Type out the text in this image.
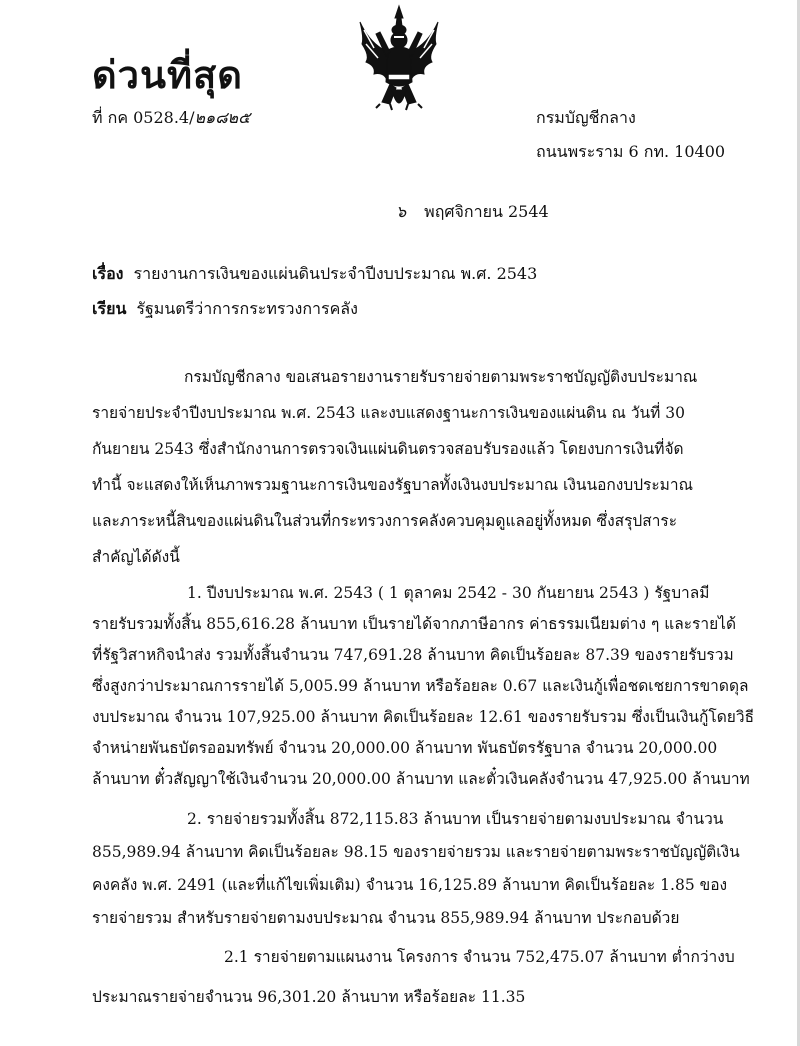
ด่วนที่สุด
ที่ กค 0528.4/๒๑๘๒๕	กรมบัญชีกลาง
ถนนพระราม 6 กท. 10400
๖ พฤศจิกายน 2544
เรื่อง รายงานการเงินของแผ่นดินประจำปีงบประมาณ พ.ศ. 2543
เรียน รัฐมนตรีว่าการกระทรวงการคลัง
กรมบัญชีกลาง ขอเสนอรายงานรายรับรายจ่ายตามพระราชบัญญัติงบประมาณ
รายจ่ายประจำปีงบประมาณ พ.ศ. 2543 และงบแสดงฐานะการเงินของแผ่นดิน ณ วันที่ 30
กันยายน 2543 ซึ่งสำนักงานการตรวจเงินแผ่นดินตรวจสอบรับรองแล้ว โดยงบการเงินที่จัด
ทำนี้ จะแสดงให้เห็นภาพรวมฐานะการเงินของรัฐบาลทั้งเงินงบประมาณ เงินนอกงบประมาณ
และภาระหนี้สินของแผ่นดินในส่วนที่กระทรวงการคลังควบคุมดูแลอยู่ทั้งหมด ซึ่งสรุปสาระ
สำคัญได้ดังนี้
1. ปีงบประมาณ พ.ศ. 2543 ( 1 ตุลาคม 2542 - 30 กันยายน 2543 ) รัฐบาลมี
รายรับรวมทั้งสิ้น 855,616.28 ล้านบาท เป็นรายได้จากภาษีอากร ค่าธรรมเนียมต่าง ๆ และรายได้
ที่รัฐวิสาหกิจนำส่ง รวมทั้งสิ้นจำนวน 747,691.28 ล้านบาท คิดเป็นร้อยละ 87.39 ของรายรับรวม
ซึ่งสูงกว่าประมาณการรายได้ 5,005.99 ล้านบาท หรือร้อยละ 0.67 และเงินกู้เพื่อชดเชยการขาดดุล
งบประมาณ จำนวน 107,925.00 ล้านบาท คิดเป็นร้อยละ 12.61 ของรายรับรวม ซึ่งเป็นเงินกู้โดยวิธี
จำหน่ายพันธบัตรออมทรัพย์ จำนวน 20,000.00 ล้านบาท พันธบัตรรัฐบาล จำนวน 20,000.00
ล้านบาท ตั๋วสัญญาใช้เงินจำนวน 20,000.00 ล้านบาท และตั๋วเงินคลังจำนวน 47,925.00 ล้านบาท
2. รายจ่ายรวมทั้งสิ้น 872,115.83 ล้านบาท เป็นรายจ่ายตามงบประมาณ จำนวน
855,989.94 ล้านบาท คิดเป็นร้อยละ 98.15 ของรายจ่ายรวม และรายจ่ายตามพระราชบัญญัติเงิน
คงคลัง พ.ศ. 2491 (และที่แก้ไขเพิ่มเติม) จำนวน 16,125.89 ล้านบาท คิดเป็นร้อยละ 1.85 ของ
รายจ่ายรวม สำหรับรายจ่ายตามงบประมาณ จำนวน 855,989.94 ล้านบาท ประกอบด้วย
2.1 รายจ่ายตามแผนงาน โครงการ จำนวน 752,475.07 ล้านบาท ต่ำกว่างบ
ประมาณรายจ่ายจำนวน 96,301.20 ล้านบาท หรือร้อยละ 11.35
